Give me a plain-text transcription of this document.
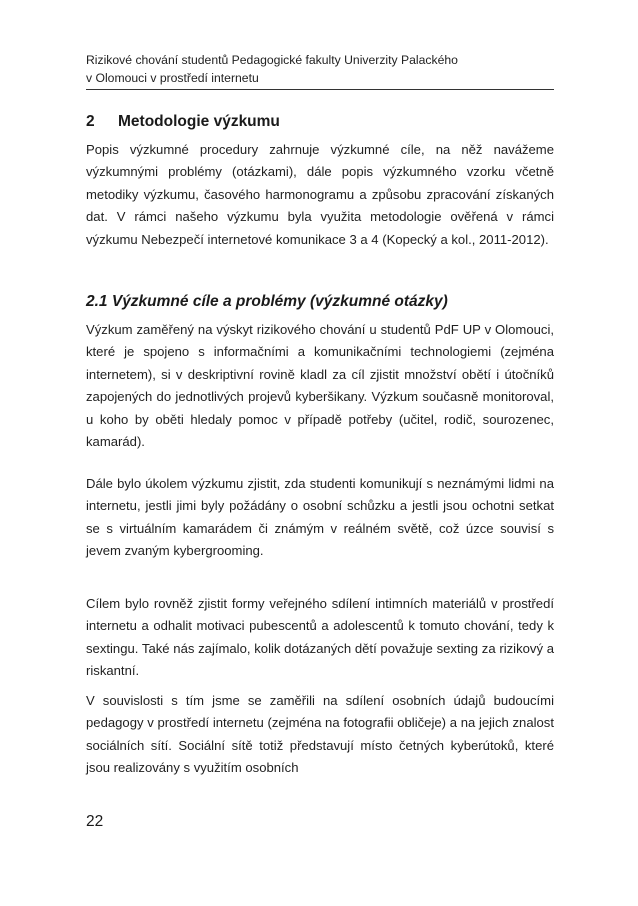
Rizikové chování studentů Pedagogické fakulty Univerzity Palackého
v Olomouci v prostředí internetu
2 Metodologie výzkumu

Popis výzkumné procedury zahrnuje výzkumné cíle, na něž navážeme výzkumnými problémy (otázkami), dále popis výzkumného vzorku včetně metodiky výzkumu, časového harmonogramu a způsobu zpracování získaných dat. V rámci našeho výzkumu byla využita metodologie ověřená v rámci výzkumu Nebezpečí internetové komunikace 3 a 4 (Kopecký a kol., 2011-2012).

2.1 Výzkumné cíle a problémy (výzkumné otázky)

Výzkum zaměřený na výskyt rizikového chování u studentů PdF UP v Olomouci, které je spojeno s informačními a komunikačními technologiemi (zejména internetem), si v deskriptivní rovině kladl za cíl zjistit množství obětí i útočníků zapojených do jednotlivých projevů kyberšikany. Výzkum současně monitoroval, u koho by oběti hledaly pomoc v případě potřeby (učitel, rodič, sourozenec, kamarád).

Dále bylo úkolem výzkumu zjistit, zda studenti komunikují s neznámými lidmi na internetu, jestli jimi byly požádány o osobní schůzku a jestli jsou ochotni setkat se s virtuálním kamarádem či známým v reálném světě, což úzce souvisí s jevem zvaným kybergrooming.

Cílem bylo rovněž zjistit formy veřejného sdílení intimních materiálů v prostředí internetu a odhalit motivaci pubescentů a adolescentů k tomuto chování, tedy k sextingu. Také nás zajímalo, kolik dotázaných dětí považuje sexting za rizikový a riskantní.

V souvislosti s tím jsme se zaměřili na sdílení osobních údajů budoucími pedagogy v prostředí internetu (zejména na fotografii obličeje) a na jejich znalost sociálních sítí. Sociální sítě totiž představují místo četných kyberútoků, které jsou realizovány s využitím osobních

22
